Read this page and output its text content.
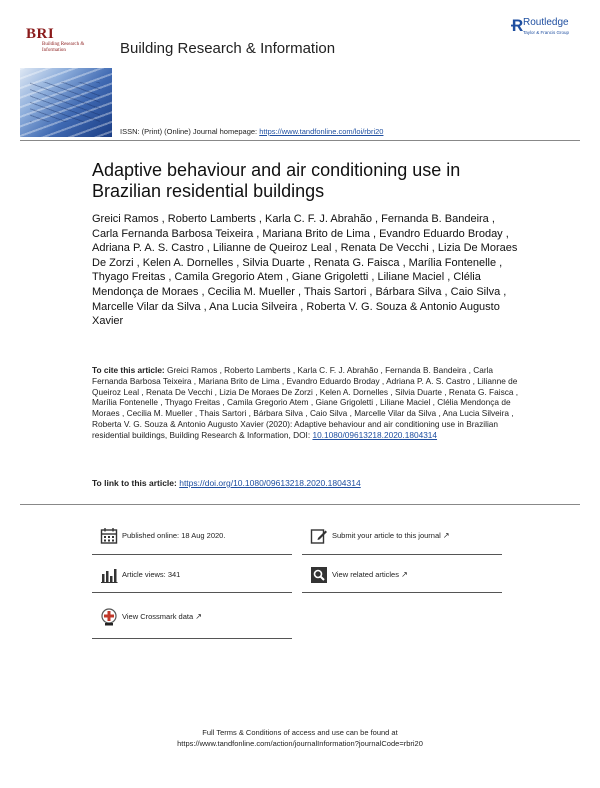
BRI
Building Research & Information	Building Research & Information
Ɍ Routledge
Taylor & Francis Group
ISSN: (Print) (Online) Journal homepage: https://www.tandfonline.com/loi/rbri20
Adaptive behaviour and air conditioning use in Brazilian residential buildings
Greici Ramos , Roberto Lamberts , Karla C. F. J. Abrahão , Fernanda B. Bandeira , Carla Fernanda Barbosa Teixeira , Mariana Brito de Lima , Evandro Eduardo Broday , Adriana P. A. S. Castro , Lilianne de Queiroz Leal , Renata De Vecchi , Lizia De Moraes De Zorzi , Kelen A. Dornelles , Silvia Duarte , Renata G. Faisca , Marília Fontenelle , Thyago Freitas , Camila Gregorio Atem , Giane Grigoletti , Liliane Maciel , Clélia Mendonça de Moraes , Cecilia M. Mueller , Thais Sartori , Bárbara Silva , Caio Silva , Marcelle Vilar da Silva , Ana Lucia Silveira , Roberta V. G. Souza & Antonio Augusto Xavier
To cite this article: Greici Ramos , Roberto Lamberts , Karla C. F. J. Abrahão , Fernanda B. Bandeira , Carla Fernanda Barbosa Teixeira , Mariana Brito de Lima , Evandro Eduardo Broday , Adriana P. A. S. Castro , Lilianne de Queiroz Leal , Renata De Vecchi , Lizia De Moraes De Zorzi , Kelen A. Dornelles , Silvia Duarte , Renata G. Faisca , Marília Fontenelle , Thyago Freitas , Camila Gregorio Atem , Giane Grigoletti , Liliane Maciel , Clélia Mendonça de Moraes , Cecilia M. Mueller , Thais Sartori , Bárbara Silva , Caio Silva , Marcelle Vilar da Silva , Ana Lucia Silveira , Roberta V. G. Souza & Antonio Augusto Xavier (2020): Adaptive behaviour and air conditioning use in Brazilian residential buildings, Building Research & Information, DOI: 10.1080/09613218.2020.1804314
To link to this article: https://doi.org/10.1080/09613218.2020.1804314
Published online: 18 Aug 2020.	Submit your article to this journal ↗
Article views: 341	View related articles ↗
View Crossmark data ↗
Full Terms & Conditions of access and use can be found at
https://www.tandfonline.com/action/journalInformation?journalCode=rbri20
